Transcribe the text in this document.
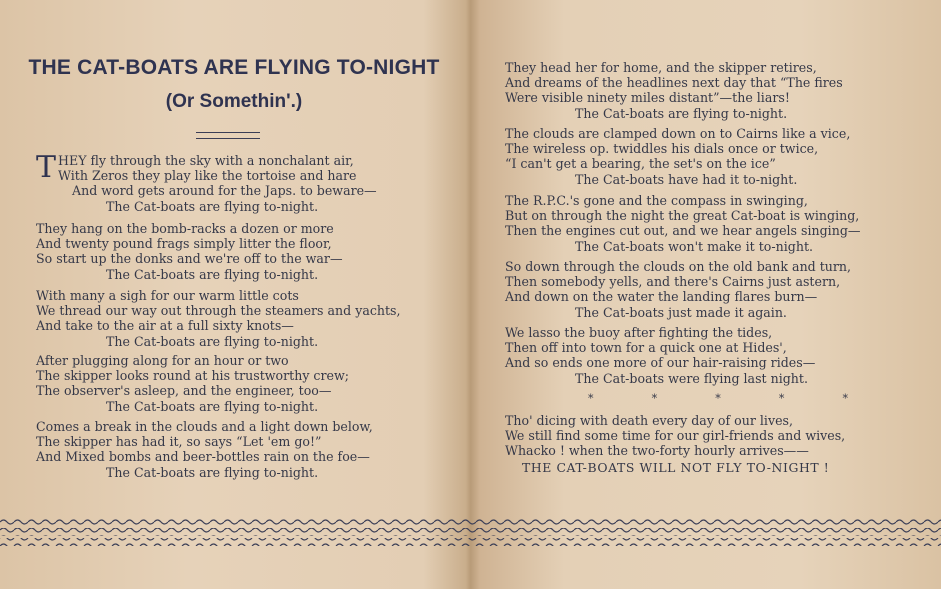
THE CAT-BOATS ARE FLYING TO-NIGHT
(Or Somethin'.)
T HEY fly through the sky with a nonchalant air,
With Zeros they play like the tortoise and hare
And word gets around for the Japs. to beware—
The Cat-boats are flying to-night.
They hang on the bomb-racks a dozen or more
And twenty pound frags simply litter the floor,
So start up the donks and we're off to the war—
The Cat-boats are flying to-night.
With many a sigh for our warm little cots
We thread our way out through the steamers and yachts,
And take to the air at a full sixty knots—
The Cat-boats are flying to-night.
After plugging along for an hour or two
The skipper looks round at his trustworthy crew;
The observer's asleep, and the engineer, too—
The Cat-boats are flying to-night.
Comes a break in the clouds and a light down below,
The skipper has had it, so says “Let 'em go!”
And Mixed bombs and beer-bottles rain on the foe—
The Cat-boats are flying to-night.
They head her for home, and the skipper retires,
And dreams of the headlines next day that “The fires
Were visible ninety miles distant”—the liars!
The Cat-boats are flying to-night.
The clouds are clamped down on to Cairns like a vice,
The wireless op. twiddles his dials once or twice,
“I can't get a bearing, the set's on the ice”
The Cat-boats have had it to-night.
The R.P.C.'s gone and the compass in swinging,
But on through the night the great Cat-boat is winging,
Then the engines cut out, and we hear angels singing—
The Cat-boats won't make it to-night.
So down through the clouds on the old bank and turn,
Then somebody yells, and there's Cairns just astern,
And down on the water the landing flares burn—
The Cat-boats just made it again.
We lasso the buoy after fighting the tides,
Then off into town for a quick one at Hides',
And so ends one more of our hair-raising rides—
The Cat-boats were flying last night.
*	*	*	*	*
Tho' dicing with death every day of our lives,
We still find some time for our girl-friends and wives,
Whacko ! when the two-forty hourly arrives——
THE CAT-BOATS WILL NOT FLY TO-NIGHT !
